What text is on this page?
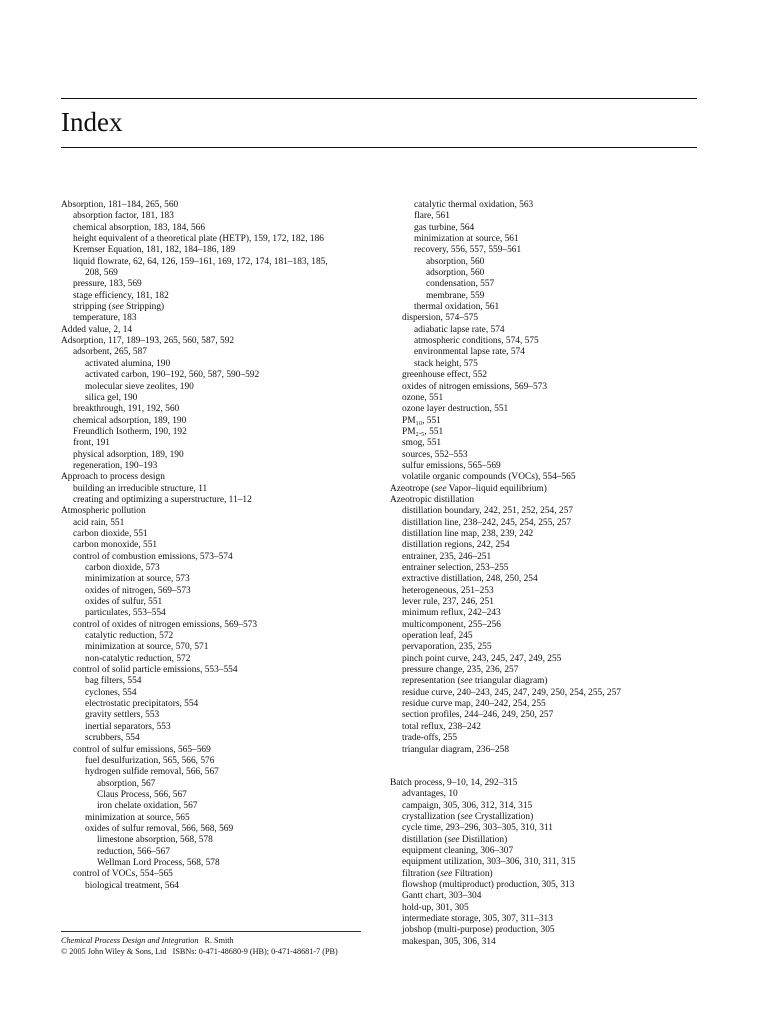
Index
Absorption, 181–184, 265, 560
absorption factor, 181, 183
chemical absorption, 183, 184, 566
height equivalent of a theoretical plate (HETP), 159, 172, 182, 186
Kremser Equation, 181, 182, 184–186, 189
liquid flowrate, 62, 64, 126, 159–161, 169, 172, 174, 181–183, 185,
208, 569
pressure, 183, 569
stage efficiency, 181, 182
stripping (see Stripping)
temperature, 183
Added value, 2, 14
Adsorption, 117, 189–193, 265, 560, 587, 592
adsorbent, 265, 587
activated alumina, 190
activated carbon, 190–192, 560, 587, 590–592
molecular sieve zeolites, 190
silica gel, 190
breakthrough, 191, 192, 560
chemical adsorption, 189, 190
Freundlich Isotherm, 190, 192
front, 191
physical adsorption, 189, 190
regeneration, 190–193
Approach to process design
building an irreducible structure, 11
creating and optimizing a superstructure, 11–12
Atmospheric pollution
acid rain, 551
carbon dioxide, 551
carbon monoxide, 551
control of combustion emissions, 573–574
carbon dioxide, 573
minimization at source, 573
oxides of nitrogen, 569–573
oxides of sulfur, 551
particulates, 553–554
control of oxides of nitrogen emissions, 569–573
catalytic reduction, 572
minimization at source, 570, 571
non-catalytic reduction, 572
control of solid particle emissions, 553–554
bag filters, 554
cyclones, 554
electrostatic precipitators, 554
gravity settlers, 553
inertial separators, 553
scrubbers, 554
control of sulfur emissions, 565–569
fuel desulfurization, 565, 566, 576
hydrogen sulfide removal, 566, 567
absorption, 567
Claus Process, 566, 567
iron chelate oxidation, 567
minimization at source, 565
oxides of sulfur removal, 566, 568, 569
limestone absorption, 568, 578
reduction, 566–567
Wellman Lord Process, 568, 578
control of VOCs, 554–565
biological treatment, 564
catalytic thermal oxidation, 563
flare, 561
gas turbine, 564
minimization at source, 561
recovery, 556, 557, 559–561
absorption, 560
adsorption, 560
condensation, 557
membrane, 559
thermal oxidation, 561
dispersion, 574–575
adiabatic lapse rate, 574
atmospheric conditions, 574, 575
environmental lapse rate, 574
stack height, 575
greenhouse effect, 552
oxides of nitrogen emissions, 569–573
ozone, 551
ozone layer destruction, 551
PM₁₀, 551
PM₂.₅, 551
smog, 551
sources, 552–553
sulfur emissions, 565–569
volatile organic compounds (VOCs), 554–565
Azeotrope (see Vapor–liquid equilibrium)
Azeotropic distillation
distillation boundary, 242, 251, 252, 254, 257
distillation line, 238–242, 245, 254, 255, 257
distillation line map, 238, 239, 242
distillation regions, 242, 254
entrainer, 235, 246–251
entrainer selection, 253–255
extractive distillation, 248, 250, 254
heterogeneous, 251–253
lever rule, 237, 246, 251
minimum reflux, 242–243
multicomponent, 255–256
operation leaf, 245
pervaporation, 235, 255
pinch point curve, 243, 245, 247, 249, 255
pressure change, 235, 236, 257
representation (see triangular diagram)
residue curve, 240–243, 245, 247, 249, 250, 254, 255, 257
residue curve map, 240–242, 254, 255
section profiles, 244–246, 249, 250, 257
total reflux, 238–242
trade-offs, 255
triangular diagram, 236–258
Batch process, 9–10, 14, 292–315
advantages, 10
campaign, 305, 306, 312, 314, 315
crystallization (see Crystallization)
cycle time, 293–296, 303–305, 310, 311
distillation (see Distillation)
equipment cleaning, 306–307
equipment utilization, 303–306, 310, 311, 315
filtration (see Filtration)
flowshop (multiproduct) production, 305, 313
Gantt chart, 303–304
hold-up, 301, 305
intermediate storage, 305, 307, 311–313
jobshop (multi-purpose) production, 305
makespan, 305, 306, 314
Chemical Process Design and Integration R. Smith
© 2005 John Wiley & Sons, Ltd ISBNs: 0-471-48680-9 (HB); 0-471-48681-7 (PB)
